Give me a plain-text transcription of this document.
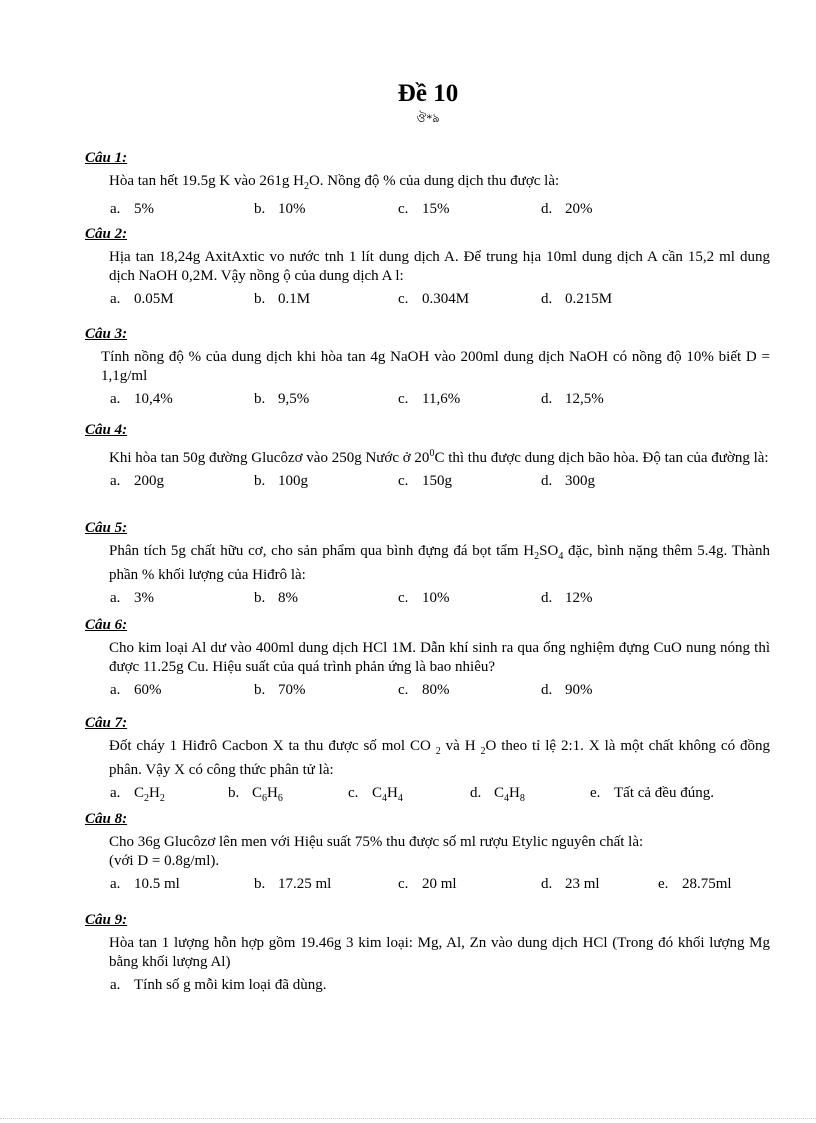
Đề 10
ঔ*ঌ
Câu 1:
Hòa tan hết 19.5g K vào 261g $H_2O$. Nồng độ % của dung dịch thu được là:
a. 5%	b. 10%	c. 15%	d. 20%
Câu 2:
Hịa tan 18,24g AxitAxtic vo nước tnh 1 lít dung dịch A. Để trung hịa 10ml dung dịch A cần 15,2 ml dung dịch NaOH 0,2M. Vậy nồng ộ của dung dịch A l:
a. 0.05M	b. 0.1M	c. 0.304M	d. 0.215M
Câu 3:
Tính nồng độ % của dung dịch khi hòa tan 4g NaOH vào 200ml dung dịch NaOH có nồng độ 10% biết D = 1,1g/ml
a. 10,4%	b. 9,5%	c. 11,6%	d. 12,5%
Câu 4:
Khi hòa tan 50g đường Glucôzơ vào 250g Nước ở $20^0C$ thì thu được dung dịch bão hòa. Độ tan của đường là:
a. 200g	b. 100g	c. 150g	d. 300g
Câu 5:
Phân tích 5g chất hữu cơ, cho sản phẩm qua bình đựng đá bọt tẩm $H_2SO_4$ đặc, bình nặng thêm 5.4g. Thành phần % khối lượng của Hiđrô là:
a. 3%	b. 8%	c. 10%	d. 12%
Câu 6:
Cho kim loại Al dư vào 400ml dung dịch HCl 1M. Dẫn khí sinh ra qua ống nghiệm đựng CuO nung nóng thì được 11.25g Cu. Hiệu suất của quá trình phản ứng là bao nhiêu?
a. 60%	b. 70%	c. 80%	d. 90%
Câu 7:
Đốt cháy 1 Hiđrô Cacbon X ta thu được số mol CO $_2$ và H $_2$O theo tỉ lệ 2:1. X là một chất không có đồng phân. Vậy X có công thức phân tử là:
a. $C_2H_2$	b. $C_6H_6$	c. $C_4H_4$	d. $C_4H_8$	e. Tất cả đều đúng.
Câu 8:
Cho 36g Glucôzơ lên men với Hiệu suất 75% thu được số ml rượu Etylic nguyên chất là:
(với D = 0.8g/ml).
a. 10.5 ml	b. 17.25 ml	c. 20 ml	d. 23 ml	e. 28.75ml
Câu 9:
Hòa tan 1 lượng hỗn hợp gồm 19.46g 3 kim loại: Mg, Al, Zn vào dung dịch HCl (Trong đó khối lượng Mg bằng khối lượng Al)
a. Tính số g mỗi kim loại đã dùng.
